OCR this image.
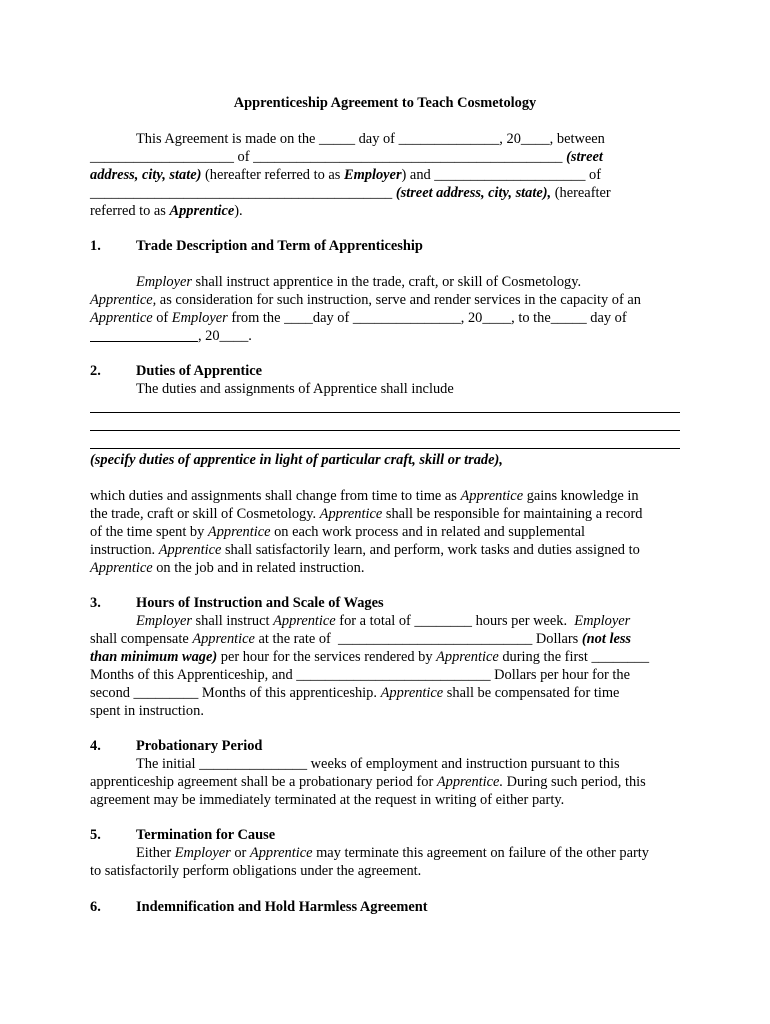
Apprenticeship Agreement to Teach Cosmetology
This Agreement is made on the _____ day of ______________, 20____, between
____________________ of ___________________________________________ (street
address, city, state) (hereafter referred to as Employer) and _____________________ of
__________________________________________ (street address, city, state), (hereafter
referred to as Apprentice).
1. Trade Description and Term of Apprenticeship
Employer shall instruct apprentice in the trade, craft, or skill of Cosmetology.
Apprentice, as consideration for such instruction, serve and render services in the capacity of an
Apprentice of Employer from the ____day of _______________, 20____, to the_____ day of
, 20____.
2. Duties of Apprentice
The duties and assignments of Apprentice shall include
(specify duties of apprentice in light of particular craft, skill or trade),
which duties and assignments shall change from time to time as Apprentice gains knowledge in
the trade, craft or skill of Cosmetology. Apprentice shall be responsible for maintaining a record
of the time spent by Apprentice on each work process and in related and supplemental
instruction. Apprentice shall satisfactorily learn, and perform, work tasks and duties assigned to
Apprentice on the job and in related instruction.
3. Hours of Instruction and Scale of Wages
Employer shall instruct Apprentice for a total of ________ hours per week.  Employer
shall compensate Apprentice at the rate of  ___________________________ Dollars (not less
than minimum wage) per hour for the services rendered by Apprentice during the first ________
Months of this Apprenticeship, and ___________________________ Dollars per hour for the
second _________ Months of this apprenticeship. Apprentice shall be compensated for time
spent in instruction.
4. Probationary Period
The initial _______________ weeks of employment and instruction pursuant to this
apprenticeship agreement shall be a probationary period for Apprentice. During such period, this
agreement may be immediately terminated at the request in writing of either party.
5. Termination for Cause
Either Employer or Apprentice may terminate this agreement on failure of the other party
to satisfactorily perform obligations under the agreement.
6. Indemnification and Hold Harmless Agreement
